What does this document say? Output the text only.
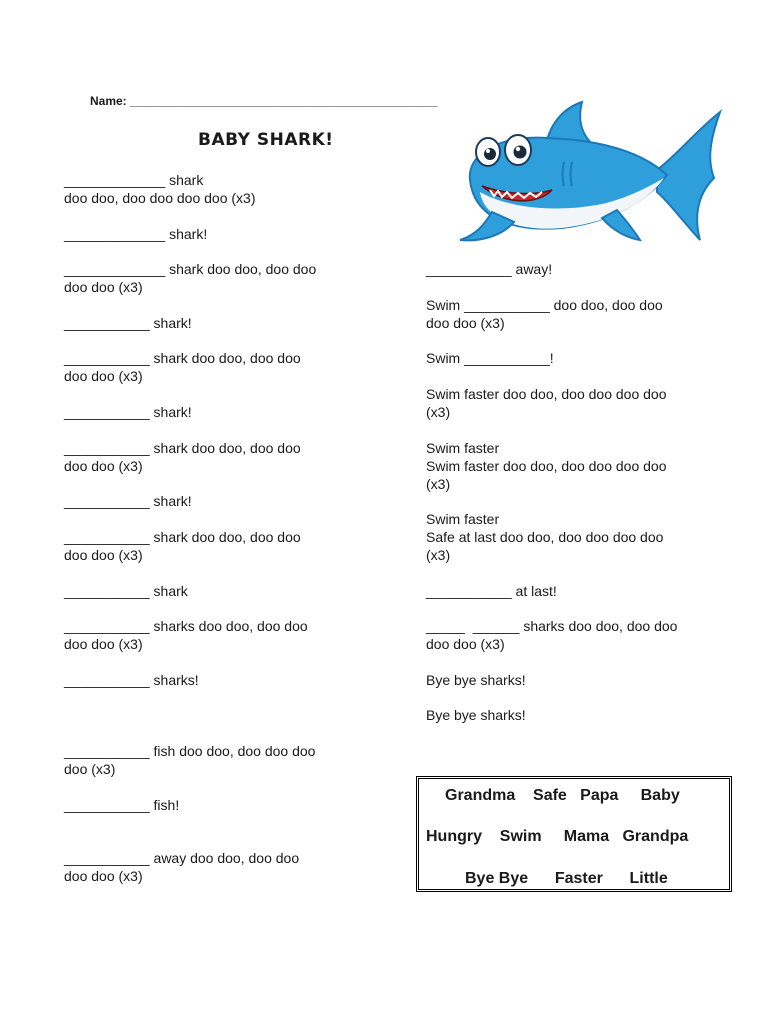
Name: ______________________________________________
BABY SHARK!
_____________ shark
doo doo, doo doo doo doo (x3)
_____________ shark!
_____________ shark doo doo, doo doo
doo doo (x3)
___________ shark!
___________ shark doo doo, doo doo
doo doo (x3)
___________ shark!
___________ shark doo doo, doo doo
doo doo (x3)
___________ shark!
___________ shark doo doo, doo doo
doo doo (x3)
___________ shark
___________ sharks doo doo, doo doo
doo doo (x3)
___________ sharks!
___________ fish doo doo, doo doo doo
doo (x3)
___________ fish!
___________ away doo doo, doo doo
doo doo (x3)
___________ away!
Swim ___________ doo doo, doo doo
doo doo (x3)
Swim ___________!
Swim faster doo doo, doo doo doo doo
(x3)
Swim faster
Swim faster doo doo, doo doo doo doo
(x3)
Swim faster
Safe at last doo doo, doo doo doo doo
(x3)
___________ at last!
_____  ______ sharks doo doo, doo doo
doo doo (x3)
Bye bye sharks!
Bye bye sharks!
Grandma    Safe   Papa     Baby
Hungry    Swim     Mama   Grandpa
Bye Bye      Faster      Little
